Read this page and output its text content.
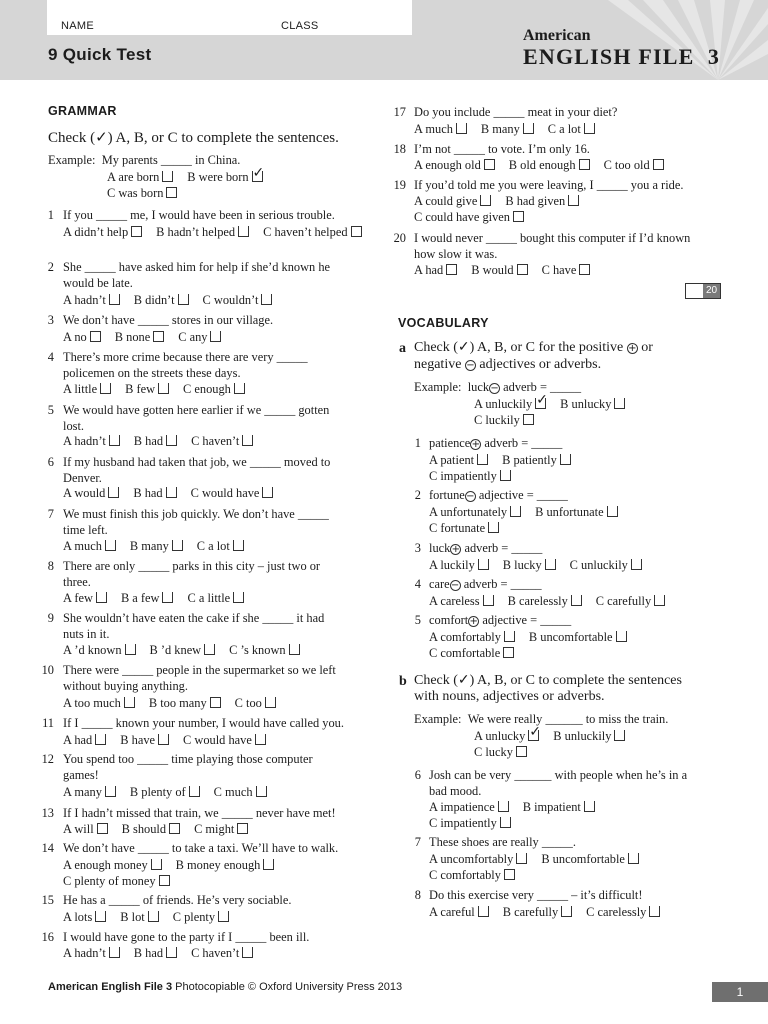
NAME	CLASS
9 Quick Test
American
ENGLISH FILE 3
GRAMMAR
Check (✓) A, B, or C to complete the sentences.
Example: My parents _____ in China.
A are born B were born✓
C was born
1 If you _____ me, I would have been in serious trouble.
A didn’t help B hadn’t helped C haven’t helped
2 She _____ have asked him for help if she’d known he
would be late.
A hadn’t B didn’t C wouldn’t
3 We don’t have _____ stores in our village.
A no B none C any
4 There’s more crime because there are very _____
policemen on the streets these days.
A little B few C enough
5 We would have gotten here earlier if we _____ gotten
lost.
A hadn’t B had C haven’t
6 If my husband had taken that job, we _____ moved to
Denver.
A would B had C would have
7 We must finish this job quickly. We don’t have _____
time left.
A much B many C a lot
8 There are only _____ parks in this city – just two or
three.
A few B a few C a little
9 She wouldn’t have eaten the cake if she _____ it had
nuts in it.
A ’d known B ’d knew C ’s known
10 There were _____ people in the supermarket so we left
without buying anything.
A too much B too many C too
11 If I _____ known your number, I would have called you.
A had B have C would have
12 You spend too _____ time playing those computer
games!
A many B plenty of C much
13 If I hadn’t missed that train, we _____ never have met!
A will B should C might
14 We don’t have _____ to take a taxi. We’ll have to walk.
A enough money B money enough
C plenty of money
15 He has a _____ of friends. He’s very sociable.
A lots B lot C plenty
16 I would have gone to the party if I _____ been ill.
A hadn’t B had C haven’t
17 Do you include _____ meat in your diet?
A much B many C a lot
18 I’m not _____ to vote. I’m only 16.
A enough old B old enough C too old
19 If you’d told me you were leaving, I _____ you a ride.
A could give B had given
C could have given
20 I would never _____ bought this computer if I’d known
how slow it was.
A had B would C have
20
VOCABULARY
a Check (✓) A, B, or C for the positive + or
negative − adjectives or adverbs.
Example: luck− adverb = _____
A unluckily ✓ B unlucky
C luckily
1 patience+ adverb = _____
A patient B patiently
C impatiently
2 fortune− adjective = _____
A unfortunately B unfortunate
C fortunate
3 luck+ adverb = _____
A luckily B lucky C unluckily
4 care− adverb = _____
A careless B carelessly C carefully
5 comfort+ adjective = _____
A comfortably B uncomfortable
C comfortable
b Check (✓) A, B, or C to complete the sentences
with nouns, adjectives or adverbs.
Example: We were really ______ to miss the train.
A unlucky ✓ B unluckily
C lucky
6 Josh can be very ______ with people when he’s in a
bad mood.
A impatience B impatient
C impatiently
7 These shoes are really _____.
A uncomfortably B uncomfortable
C comfortably
8 Do this exercise very _____ – it’s difficult!
A careful B carefully C carelessly
American English File 3 Photocopiable © Oxford University Press 2013	1
